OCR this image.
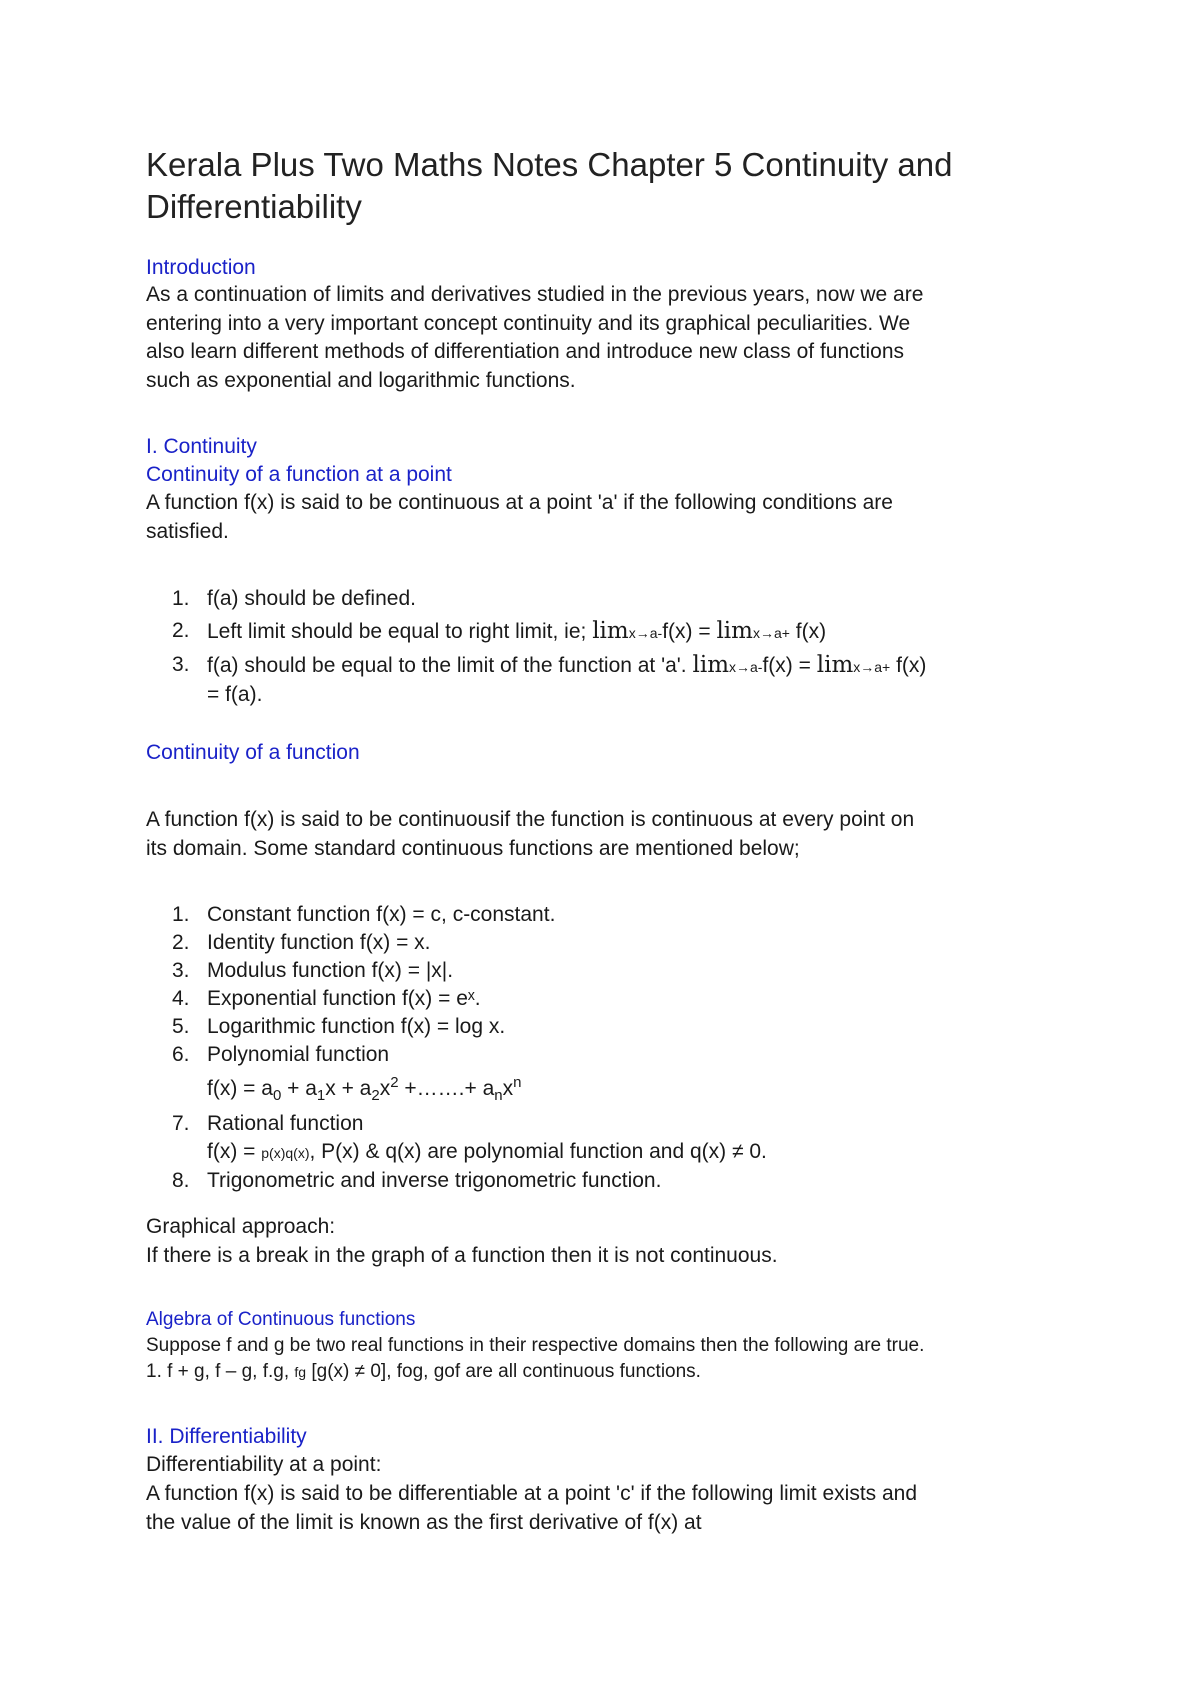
Kerala Plus Two Maths Notes Chapter 5 Continuity and
Differentiability
Introduction
As a continuation of limits and derivatives studied in the previous years, now we are
entering into a very important concept continuity and its graphical peculiarities. We
also learn different methods of differentiation and introduce new class of functions
such as exponential and logarithmic functions.
I. Continuity
Continuity of a function at a point
A function f(x) is said to be continuous at a point 'a' if the following conditions are
satisfied.
1. f(a) should be defined.
2. Left limit should be equal to right limit, ie; limx→a-f(x) = limx→a+ f(x)
3. f(a) should be equal to the limit of the function at 'a'. limx→a-f(x) = limx→a+ f(x)
= f(a).
Continuity of a function
A function f(x) is said to be continuousif the function is continuous at every point on
its domain. Some standard continuous functions are mentioned below;
1. Constant function f(x) = c, c-constant.
2. Identity function f(x) = x.
3. Modulus function f(x) = |x|.
4. Exponential function f(x) = eˣ.
5. Logarithmic function f(x) = log x.
6. Polynomial function
$f(x) = a_0 + a_1x + a_2x^2$ +…….+ $a_nx^n$
7. Rational function
f(x) = p(x)q(x), P(x) & q(x) are polynomial function and q(x) ≠ 0.
8. Trigonometric and inverse trigonometric function.
Graphical approach:
If there is a break in the graph of a function then it is not continuous.
Algebra of Continuous functions
Suppose f and g be two real functions in their respective domains then the following are true.
1. f + g, f – g, f.g, fg [g(x) ≠ 0], fog, gof are all continuous functions.
II. Differentiability
Differentiability at a point:
A function f(x) is said to be differentiable at a point 'c' if the following limit exists and
the value of the limit is known as the first derivative of f(x) at
